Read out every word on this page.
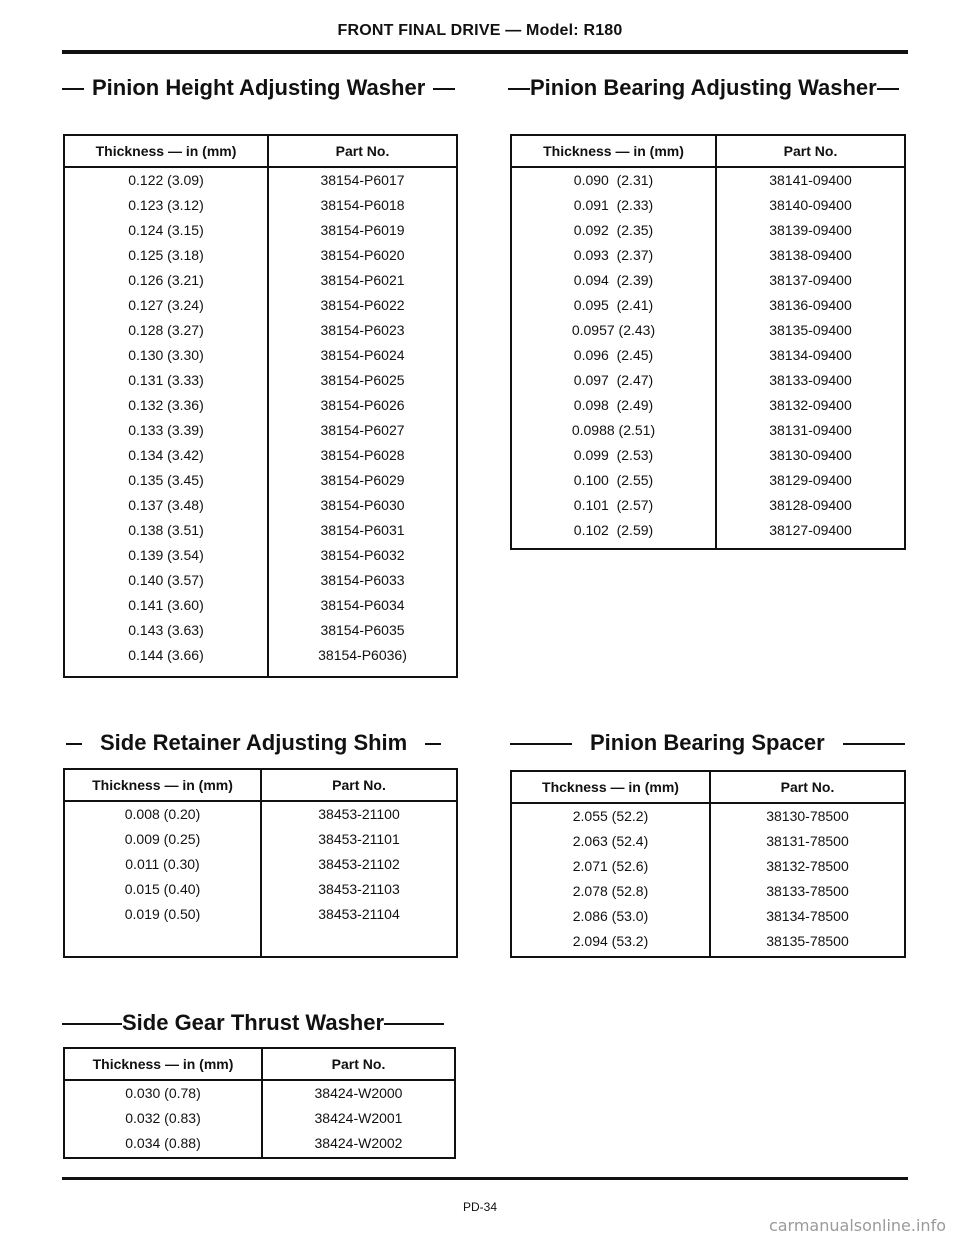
FRONT FINAL DRIVE — Model: R180
Pinion Height Adjusting Washer	Pinion Bearing Adjusting Washer
Thickness — in (mm)	Part No.
0.122 (3.09)	38154-P6017
0.123 (3.12)	38154-P6018
0.124 (3.15)	38154-P6019
0.125 (3.18)	38154-P6020
0.126 (3.21)	38154-P6021
0.127 (3.24)	38154-P6022
0.128 (3.27)	38154-P6023
0.130 (3.30)	38154-P6024
0.131 (3.33)	38154-P6025
0.132 (3.36)	38154-P6026
0.133 (3.39)	38154-P6027
0.134 (3.42)	38154-P6028
0.135 (3.45)	38154-P6029
0.137 (3.48)	38154-P6030
0.138 (3.51)	38154-P6031
0.139 (3.54)	38154-P6032
0.140 (3.57)	38154-P6033
0.141 (3.60)	38154-P6034
0.143 (3.63)	38154-P6035
0.144 (3.66)	38154-P6036)
Thickness — in (mm)	Part No.
0.090  (2.31)	38141-09400
0.091  (2.33)	38140-09400
0.092  (2.35)	38139-09400
0.093  (2.37)	38138-09400
0.094  (2.39)	38137-09400
0.095  (2.41)	38136-09400
0.0957 (2.43)	38135-09400
0.096  (2.45)	38134-09400
0.097  (2.47)	38133-09400
0.098  (2.49)	38132-09400
0.0988 (2.51)	38131-09400
0.099  (2.53)	38130-09400
0.100  (2.55)	38129-09400
0.101  (2.57)	38128-09400
0.102  (2.59)	38127-09400
Side Retainer Adjusting Shim	Pinion Bearing Spacer
Thickness — in (mm)	Part No.
0.008 (0.20)	38453-21100
0.009 (0.25)	38453-21101
0.011 (0.30)	38453-21102
0.015 (0.40)	38453-21103
0.019 (0.50)	38453-21104
Thckness — in (mm)	Part No.
2.055 (52.2)	38130-78500
2.063 (52.4)	38131-78500
2.071 (52.6)	38132-78500
2.078 (52.8)	38133-78500
2.086 (53.0)	38134-78500
2.094 (53.2)	38135-78500
Side Gear Thrust Washer
Thickness — in (mm)	Part No.
0.030 (0.78)	38424-W2000
0.032 (0.83)	38424-W2001
0.034 (0.88)	38424-W2002
PD-34
carmanualsonline.info
